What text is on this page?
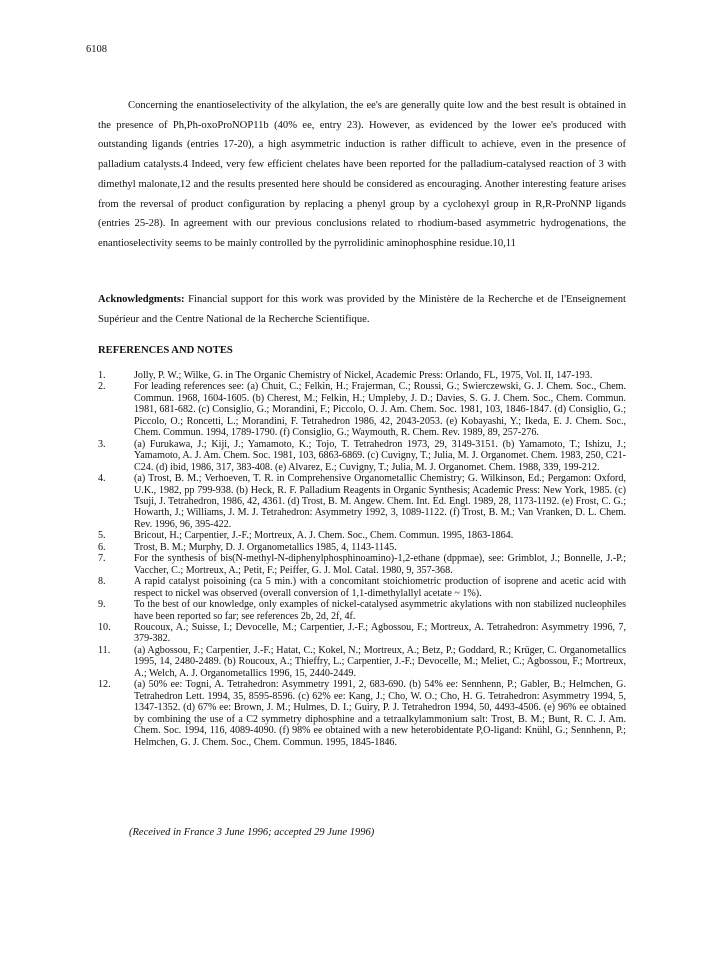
6108
Concerning the enantioselectivity of the alkylation, the ee's are generally quite low and the best result is obtained in the presence of Ph,Ph-oxoProNOP11b (40% ee, entry 23). However, as evidenced by the lower ee's produced with outstanding ligands (entries 17-20), a high asymmetric induction is rather difficult to achieve, even in the presence of palladium catalysts.4 Indeed, very few efficient chelates have been reported for the palladium-catalysed reaction of 3 with dimethyl malonate,12 and the results presented here should be considered as encouraging. Another interesting feature arises from the reversal of product configuration by replacing a phenyl group by a cyclohexyl group in R,R-ProNNP ligands (entries 25-28). In agreement with our previous conclusions related to rhodium-based asymmetric hydrogenations, the enantioselectivity seems to be mainly controlled by the pyrrolidinic aminophosphine residue.10,11
Acknowledgments: Financial support for this work was provided by the Ministère de la Recherche et de l'Enseignement Supérieur and the Centre National de la Recherche Scientifique.
REFERENCES AND NOTES
1.	Jolly, P. W.; Wilke, G. in The Organic Chemistry of Nickel, Academic Press: Orlando, FL, 1975, Vol. II, 147-193.
2.	For leading references see: (a) Chuit, C.; Felkin, H.; Frajerman, C.; Roussi, G.; Swierczewski, G. J. Chem. Soc., Chem. Commun. 1968, 1604-1605. (b) Cherest, M.; Felkin, H.; Umpleby, J. D.; Davies, S. G. J. Chem. Soc., Chem. Commun. 1981, 681-682. (c) Consiglio, G.; Morandini, F.; Piccolo, O. J. Am. Chem. Soc. 1981, 103, 1846-1847. (d) Consiglio, G.; Piccolo, O.; Roncetti, L.; Morandini, F. Tetrahedron 1986, 42, 2043-2053. (e) Kobayashi, Y.; Ikeda, E. J. Chem. Soc., Chem. Commun. 1994, 1789-1790. (f) Consiglio, G.; Waymouth, R. Chem. Rev. 1989, 89, 257-276.
3.	(a) Furukawa, J.; Kiji, J.; Yamamoto, K.; Tojo, T. Tetrahedron 1973, 29, 3149-3151. (b) Yamamoto, T.; Ishizu, J.; Yamamoto, A. J. Am. Chem. Soc. 1981, 103, 6863-6869. (c) Cuvigny, T.; Julia, M. J. Organomet. Chem. 1983, 250, C21-C24. (d) ibid, 1986, 317, 383-408. (e) Alvarez, E.; Cuvigny, T.; Julia, M. J. Organomet. Chem. 1988, 339, 199-212.
4.	(a) Trost, B. M.; Verhoeven, T. R. in Comprehensive Organometallic Chemistry; G. Wilkinson, Ed.; Pergamon: Oxford, U.K., 1982, pp 799-938. (b) Heck, R. F. Palladium Reagents in Organic Synthesis; Academic Press: New York, 1985. (c) Tsuji, J. Tetrahedron, 1986, 42, 4361. (d) Trost, B. M. Angew. Chem. Int. Ed. Engl. 1989, 28, 1173-1192. (e) Frost, C. G.; Howarth, J.; Williams, J. M. J. Tetrahedron: Asymmetry 1992, 3, 1089-1122. (f) Trost, B. M.; Van Vranken, D. L. Chem. Rev. 1996, 96, 395-422.
5.	Bricout, H.; Carpentier, J.-F.; Mortreux, A. J. Chem. Soc., Chem. Commun. 1995, 1863-1864.
6.	Trost, B. M.; Murphy, D. J. Organometallics 1985, 4, 1143-1145.
7.	For the synthesis of bis(N-methyl-N-diphenylphosphinoamino)-1,2-ethane (dppmae), see: Grimblot, J.; Bonnelle, J.-P.; Vaccher, C.; Mortreux, A.; Petit, F.; Peiffer, G. J. Mol. Catal. 1980, 9, 357-368.
8.	A rapid catalyst poisoining (ca 5 min.) with a concomitant stoichiometric production of isoprene and acetic acid with respect to nickel was observed (overall conversion of 1,1-dimethylallyl acetate ~ 1%).
9.	To the best of our knowledge, only examples of nickel-catalysed asymmetric akylations with non stabilized nucleophiles have been reported so far; see references 2b, 2d, 2f, 4f.
10.	Roucoux, A.; Suisse, I.; Devocelle, M.; Carpentier, J.-F.; Agbossou, F.; Mortreux, A. Tetrahedron: Asymmetry 1996, 7, 379-382.
11.	(a) Agbossou, F.; Carpentier, J.-F.; Hatat, C.; Kokel, N.; Mortreux, A.; Betz, P.; Goddard, R.; Krüger, C. Organometallics 1995, 14, 2480-2489. (b) Roucoux, A.; Thieffry, L.; Carpentier, J.-F.; Devocelle, M.; Meliet, C.; Agbossou, F.; Mortreux, A.; Welch, A. J. Organometallics 1996, 15, 2440-2449.
12.	(a) 50% ee: Togni, A. Tetrahedron: Asymmetry 1991, 2, 683-690. (b) 54% ee: Sennhenn, P.; Gabler, B.; Helmchen, G. Tetrahedron Lett. 1994, 35, 8595-8596. (c) 62% ee: Kang, J.; Cho, W. O.; Cho, H. G. Tetrahedron: Asymmetry 1994, 5, 1347-1352. (d) 67% ee: Brown, J. M.; Hulmes, D. I.; Guiry, P. J. Tetrahedron 1994, 50, 4493-4506. (e) 96% ee obtained by combining the use of a C2 symmetry diphosphine and a tetraalkylammonium salt: Trost, B. M.; Bunt, R. C. J. Am. Chem. Soc. 1994, 116, 4089-4090. (f) 98% ee obtained with a new heterobidentate P,O-ligand: Knühl, G.; Sennhenn, P.; Helmchen, G. J. Chem. Soc., Chem. Commun. 1995, 1845-1846.
(Received in France 3 June 1996; accepted 29 June 1996)
